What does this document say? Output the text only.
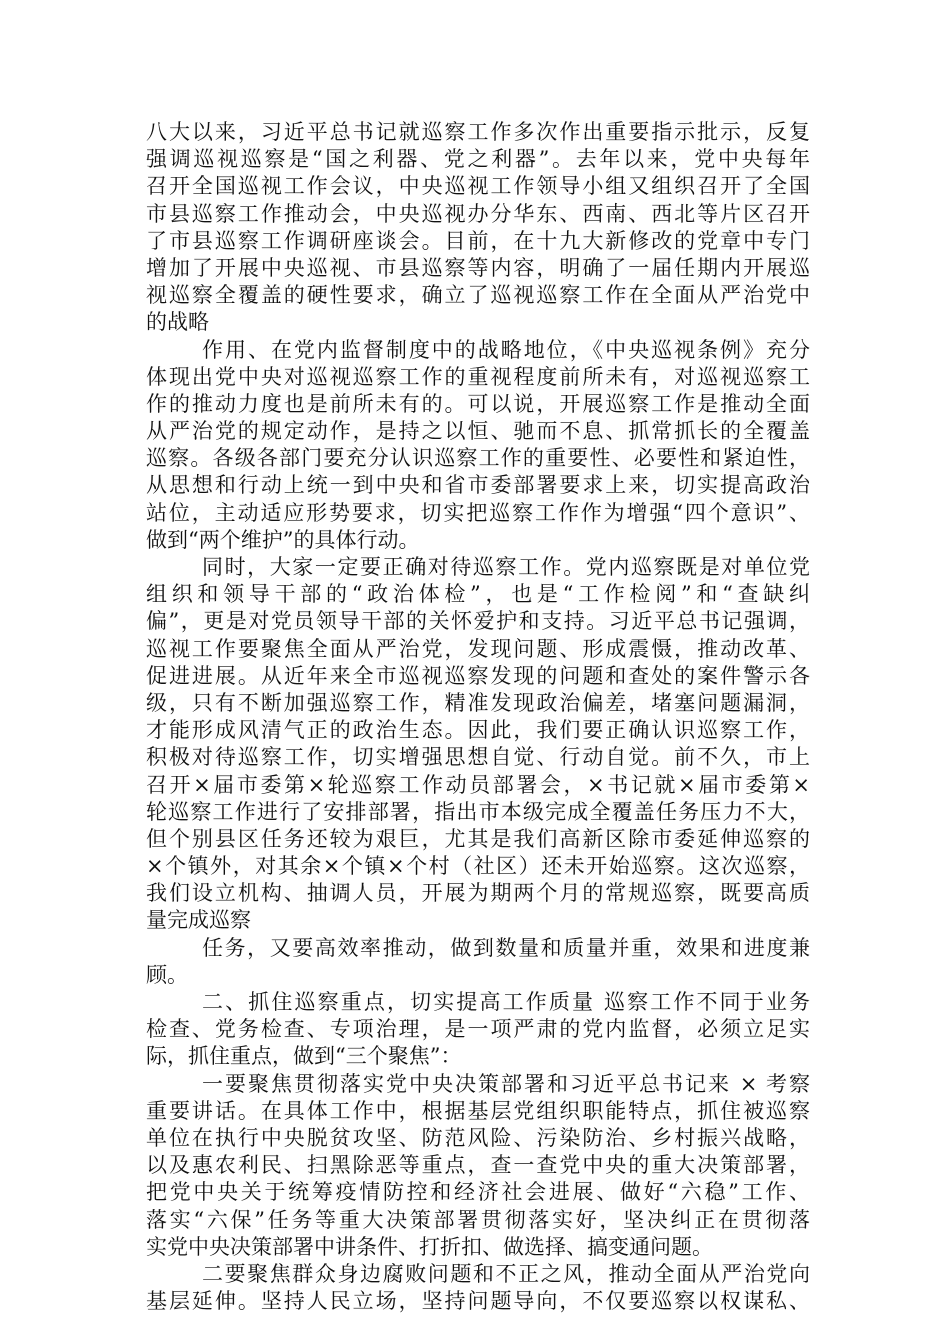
八大以来，习近平总书记就巡察工作多次作出重要指示批示，反复
强调巡视巡察是“国之利器、党之利器”。去年以来，党中央每年
召开全国巡视工作会议，中央巡视工作领导小组又组织召开了全国
市县巡察工作推动会，中央巡视办分华东、西南、西北等片区召开
了市县巡察工作调研座谈会。目前，在十九大新修改的党章中专门
增加了开展中央巡视、市县巡察等内容，明确了一届任期内开展巡
视巡察全覆盖的硬性要求，确立了巡视巡察工作在全面从严治党中
的战略
作用、在党内监督制度中的战略地位，《中央巡视条例》充分
体现出党中央对巡视巡察工作的重视程度前所未有，对巡视巡察工
作的推动力度也是前所未有的。可以说，开展巡察工作是推动全面
从严治党的规定动作，是持之以恒、驰而不息、抓常抓长的全覆盖
巡察。各级各部门要充分认识巡察工作的重要性、必要性和紧迫性，
从思想和行动上统一到中央和省市委部署要求上来，切实提高政治
站位，主动适应形势要求，切实把巡察工作作为增强“四个意识”、
做到“两个维护”的具体行动。
同时，大家一定要正确对待巡察工作。党内巡察既是对单位党
组织和领导干部的“政治体检”，也是“工作检阅”和“查缺纠
偏”，更是对党员领导干部的关怀爱护和支持。习近平总书记强调，
巡视工作要聚焦全面从严治党，发现问题、形成震慑，推动改革、
促进进展。从近年来全市巡视巡察发现的问题和查处的案件警示各
级，只有不断加强巡察工作，精准发现政治偏差，堵塞问题漏洞，
才能形成风清气正的政治生态。因此，我们要正确认识巡察工作，
积极对待巡察工作，切实增强思想自觉、行动自觉。前不久，市上
召开×届市委第×轮巡察工作动员部署会，×书记就×届市委第×
轮巡察工作进行了安排部署，指出市本级完成全覆盖任务压力不大，
但个别县区任务还较为艰巨，尤其是我们高新区除市委延伸巡察的
×个镇外，对其余×个镇×个村（社区）还未开始巡察。这次巡察，
我们设立机构、抽调人员，开展为期两个月的常规巡察，既要高质
量完成巡察
任务，又要高效率推动，做到数量和质量并重，效果和进度兼
顾。
二、抓住巡察重点，切实提高工作质量 巡察工作不同于业务
检查、党务检查、专项治理，是一项严肃的党内监督，必须立足实
际，抓住重点，做到“三个聚焦”：
一要聚焦贯彻落实党中央决策部署和习近平总书记来 × 考察
重要讲话。在具体工作中，根据基层党组织职能特点，抓住被巡察
单位在执行中央脱贫攻坚、防范风险、污染防治、乡村振兴战略，
以及惠农利民、扫黑除恶等重点，查一查党中央的重大决策部署，
把党中央关于统筹疫情防控和经济社会进展、做好“六稳”工作、
落实“六保”任务等重大决策部署贯彻落实好，坚决纠正在贯彻落
实党中央决策部署中讲条件、打折扣、做选择、搞变通问题。
二要聚焦群众身边腐败问题和不正之风，推动全面从严治党向
基层延伸。坚持人民立场，坚持问题导向，不仅要巡察以权谋私、
